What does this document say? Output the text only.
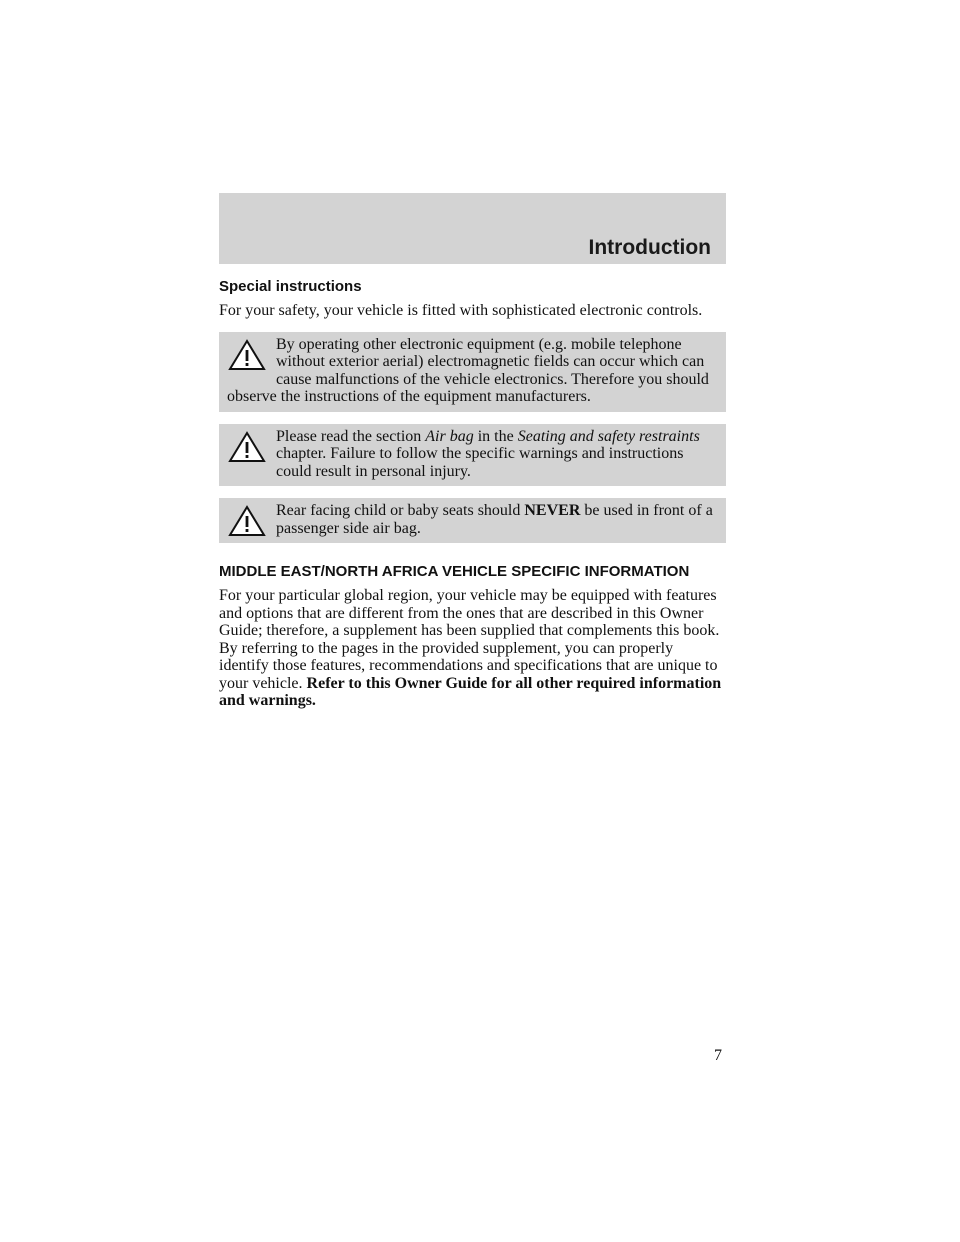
Introduction
Special instructions

For your safety, your vehicle is fitted with sophisticated electronic controls.

By operating other electronic equipment (e.g. mobile telephone without exterior aerial) electromagnetic fields can occur which can cause malfunctions of the vehicle electronics. Therefore you should observe the instructions of the equipment manufacturers.

Please read the section Air bag in the Seating and safety restraints chapter. Failure to follow the specific warnings and instructions could result in personal injury.

Rear facing child or baby seats should NEVER be used in front of a passenger side air bag.

MIDDLE EAST/NORTH AFRICA VEHICLE SPECIFIC INFORMATION

For your particular global region, your vehicle may be equipped with features and options that are different from the ones that are described in this Owner Guide; therefore, a supplement has been supplied that complements this book. By referring to the pages in the provided supplement, you can properly identify those features, recommendations and specifications that are unique to your vehicle. Refer to this Owner Guide for all other required information and warnings.

7
